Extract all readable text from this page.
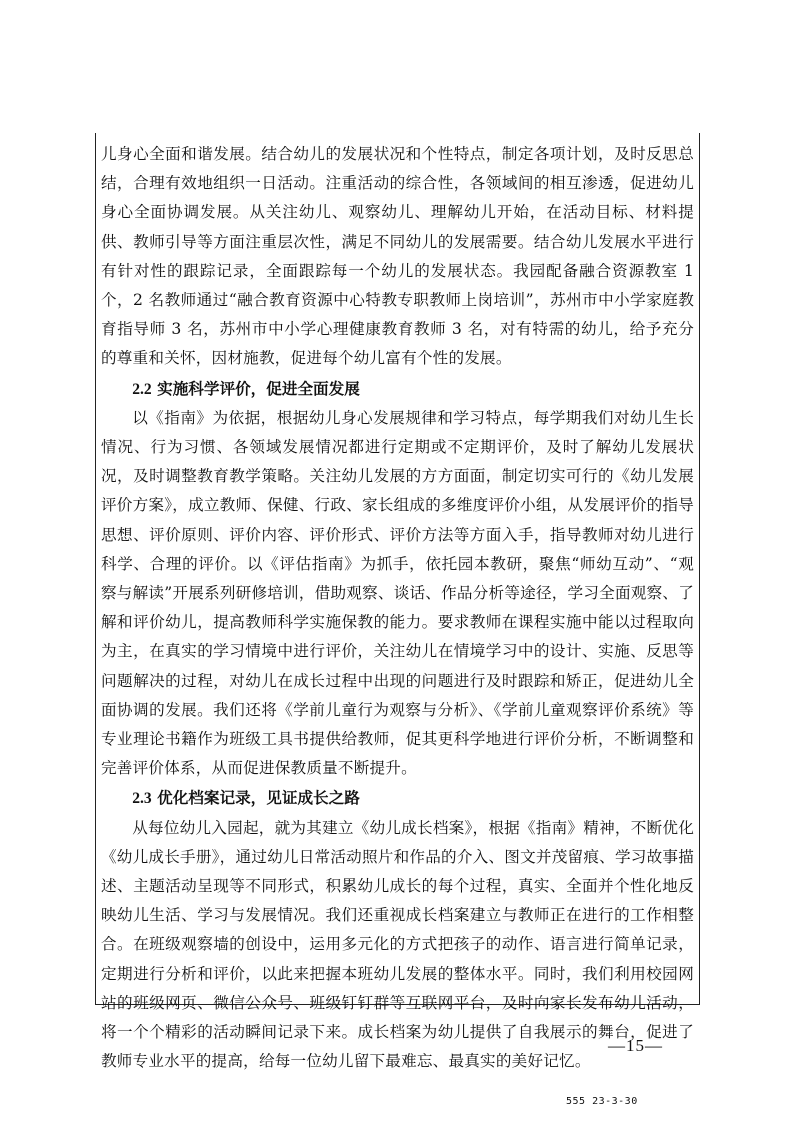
儿身心全面和谐发展。结合幼儿的发展状况和个性特点，制定各项计划，及时反思总结，合理有效地组织一日活动。注重活动的综合性，各领域间的相互渗透，促进幼儿身心全面协调发展。从关注幼儿、观察幼儿、理解幼儿开始，在活动目标、材料提供、教师引导等方面注重层次性，满足不同幼儿的发展需要。结合幼儿发展水平进行有针对性的跟踪记录，全面跟踪每一个幼儿的发展状态。我园配备融合资源教室 1 个，2 名教师通过“融合教育资源中心特教专职教师上岗培训”，苏州市中小学家庭教育指导师 3 名，苏州市中小学心理健康教育教师 3 名，对有特需的幼儿，给予充分的尊重和关怀，因材施教，促进每个幼儿富有个性的发展。

2.2 实施科学评价，促进全面发展

以《指南》为依据，根据幼儿身心发展规律和学习特点，每学期我们对幼儿生长情况、行为习惯、各领域发展情况都进行定期或不定期评价，及时了解幼儿发展状况，及时调整教育教学策略。关注幼儿发展的方方面面，制定切实可行的《幼儿发展评价方案》，成立教师、保健、行政、家长组成的多维度评价小组，从发展评价的指导思想、评价原则、评价内容、评价形式、评价方法等方面入手，指导教师对幼儿进行科学、合理的评价。以《评估指南》为抓手，依托园本教研，聚焦“师幼互动”、“观察与解读”开展系列研修培训，借助观察、谈话、作品分析等途径，学习全面观察、了解和评价幼儿，提高教师科学实施保教的能力。要求教师在课程实施中能以过程取向为主，在真实的学习情境中进行评价，关注幼儿在情境学习中的设计、实施、反思等问题解决的过程，对幼儿在成长过程中出现的问题进行及时跟踪和矫正，促进幼儿全面协调的发展。我们还将《学前儿童行为观察与分析》、《学前儿童观察评价系统》等专业理论书籍作为班级工具书提供给教师，促其更科学地进行评价分析，不断调整和完善评价体系，从而促进保教质量不断提升。

2.3 优化档案记录，见证成长之路

从每位幼儿入园起，就为其建立《幼儿成长档案》，根据《指南》精神，不断优化《幼儿成长手册》，通过幼儿日常活动照片和作品的介入、图文并茂留痕、学习故事描述、主题活动呈现等不同形式，积累幼儿成长的每个过程，真实、全面并个性化地反映幼儿生活、学习与发展情况。我们还重视成长档案建立与教师正在进行的工作相整合。在班级观察墙的创设中，运用多元化的方式把孩子的动作、语言进行简单记录，定期进行分析和评价，以此来把握本班幼儿发展的整体水平。同时，我们利用校园网站的班级网页、微信公众号、班级钉钉群等互联网平台，及时向家长发布幼儿活动，将一个个精彩的活动瞬间记录下来。成长档案为幼儿提供了自我展示的舞台，促进了教师专业水平的提高，给每一位幼儿留下最难忘、最真实的美好记忆。

—15—
555 23-3-30
